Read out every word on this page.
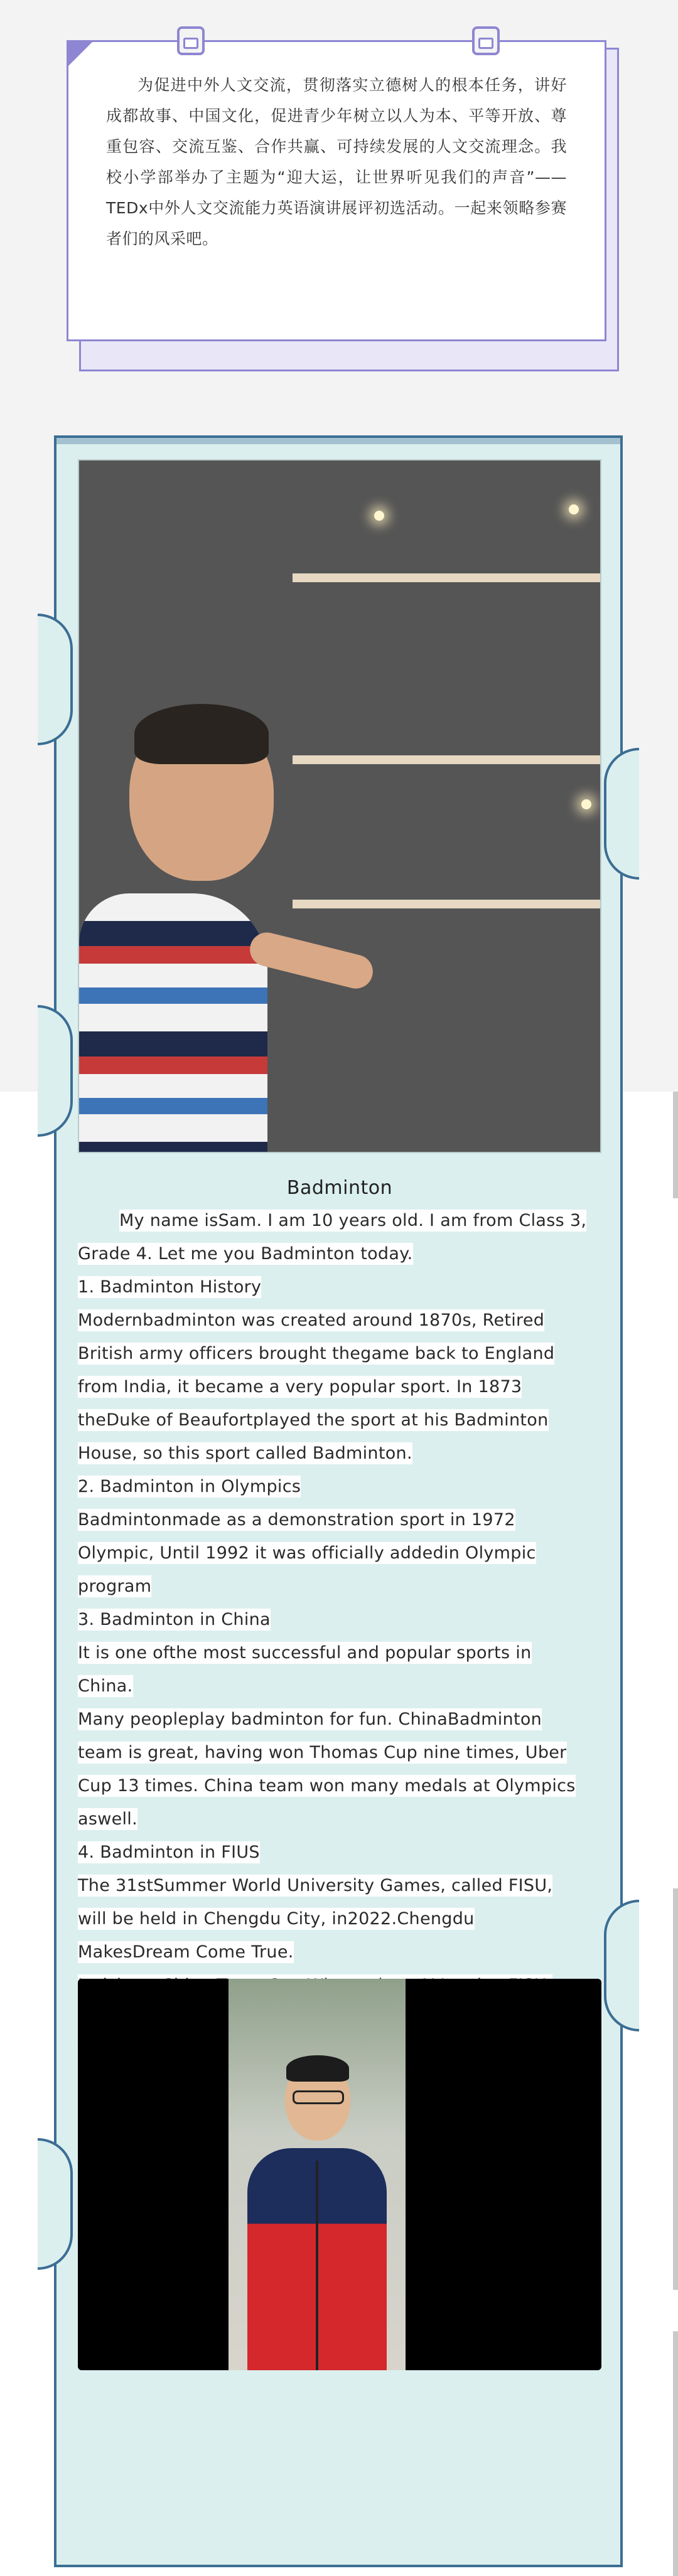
为促进中外人文交流，贯彻落实立德树人的根本任务，讲好成都故事、中国文化，促进青少年树立以人为本、平等开放、尊重包容、交流互鉴、合作共赢、可持续发展的人文交流理念。我校小学部举办了主题为“迎大运，让世界听见我们的声音”——TEDx中外人文交流能力英语演讲展评初选活动。一起来领略参赛者们的风采吧。

Badminton
My name isSam. I am 10 years old. I am from Class 3,
Grade 4. Let me you Badminton today.
1. Badminton History
Modernbadminton was created around 1870s, Retired
British army officers brought thegame back to England
from India, it became a very popular sport. In 1873
theDuke of Beaufortplayed the sport at his Badminton
House, so this sport called Badminton.
2. Badminton in Olympics
Badmintonmade as a demonstration sport in 1972
Olympic, Until 1992 it was officially addedin Olympic
program
3. Badminton in China
It is one ofthe most successful and popular sports in
China.
Many peopleplay badminton for fun. ChinaBadminton
team is great, having won Thomas Cup nine times, Uber
Cup 13 times. China team won many medals at Olympics
aswell.
4. Badminton in FIUS
The 31stSummer World University Games, called FISU,
will be held in Chengdu City, in2022.Chengdu
MakesDream Come True.
